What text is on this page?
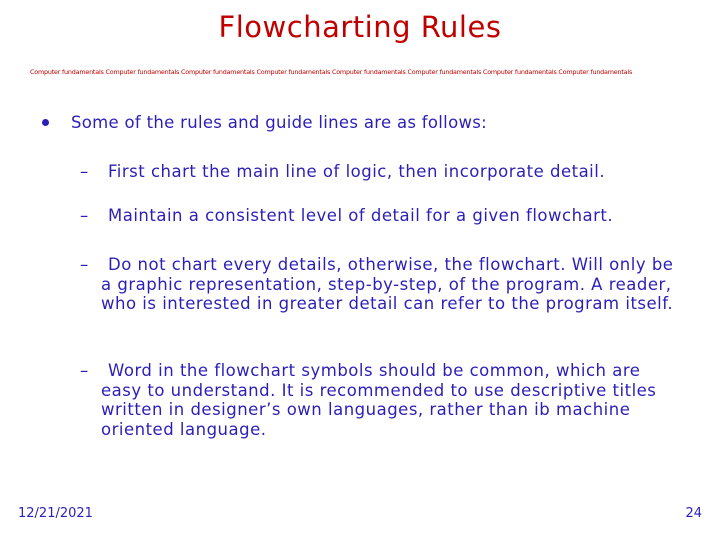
Flowcharting Rules
Computer fundamentals Computer fundamentals Computer fundamentals Computer fundamentals Computer fundamentals Computer fundamentals Computer fundamentals Computer fundamentals
Some of the rules and guide lines are as follows:
–	First chart the main line of logic, then incorporate detail.
–	Maintain a consistent level of detail for a given flowchart.
–	Do not chart every details, otherwise, the flowchart. Will only be a graphic representation, step-by-step, of the program. A reader, who is interested in greater detail can refer to the program itself.
–	Word in the flowchart symbols should be common, which are easy to understand. It is recommended to use descriptive titles written in designer’s own languages, rather than ib machine oriented language.
12/21/2021	24
